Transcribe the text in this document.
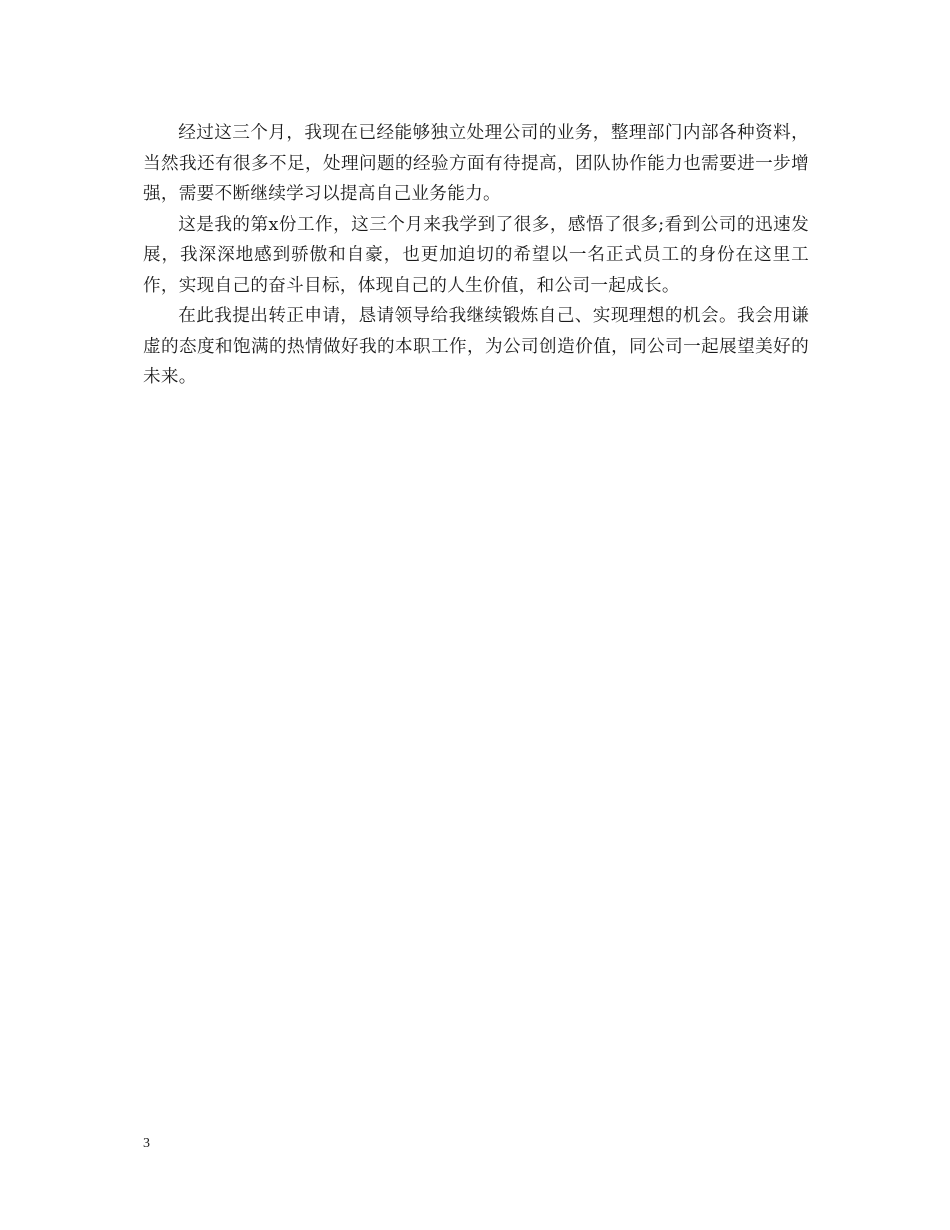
经过这三个月，我现在已经能够独立处理公司的业务，整理部门内部各种资料，当然我还有很多不足，处理问题的经验方面有待提高，团队协作能力也需要进一步增强，需要不断继续学习以提高自己业务能力。

这是我的第x份工作，这三个月来我学到了很多，感悟了很多;看到公司的迅速发展，我深深地感到骄傲和自豪，也更加迫切的希望以一名正式员工的身份在这里工作，实现自己的奋斗目标，体现自己的人生价值，和公司一起成长。

在此我提出转正申请，恳请领导给我继续锻炼自己、实现理想的机会。我会用谦虚的态度和饱满的热情做好我的本职工作，为公司创造价值，同公司一起展望美好的未来。

3
